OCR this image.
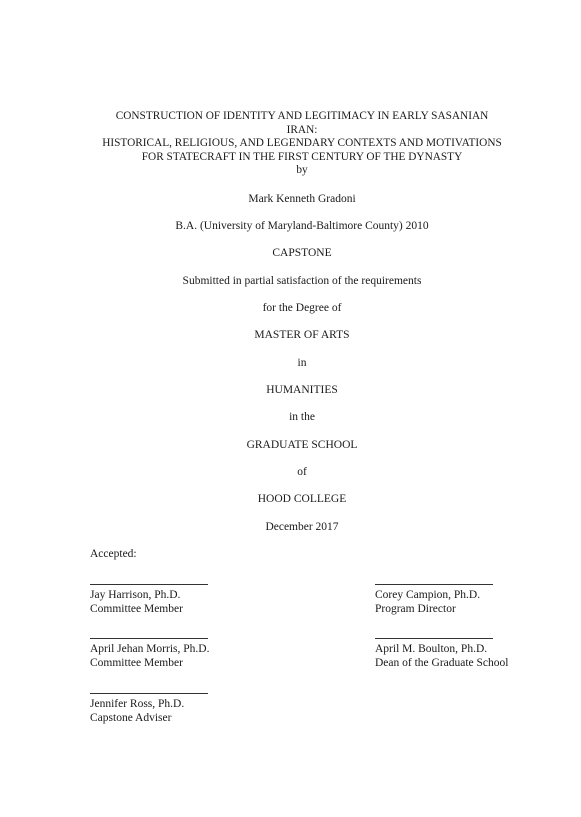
CONSTRUCTION OF IDENTITY AND LEGITIMACY IN EARLY SASANIAN
IRAN:
HISTORICAL, RELIGIOUS, AND LEGENDARY CONTEXTS AND MOTIVATIONS
FOR STATECRAFT IN THE FIRST CENTURY OF THE DYNASTY
by
Mark Kenneth Gradoni
B.A. (University of Maryland-Baltimore County) 2010
CAPSTONE
Submitted in partial satisfaction of the requirements
for the Degree of
MASTER OF ARTS
in
HUMANITIES
in the
GRADUATE SCHOOL
of
HOOD COLLEGE
December 2017
Accepted:
Jay Harrison, Ph.D.
Committee Member
Corey Campion, Ph.D.
Program Director
April Jehan Morris, Ph.D.
Committee Member
April M. Boulton, Ph.D.
Dean of the Graduate School
Jennifer Ross, Ph.D.
Capstone Adviser
